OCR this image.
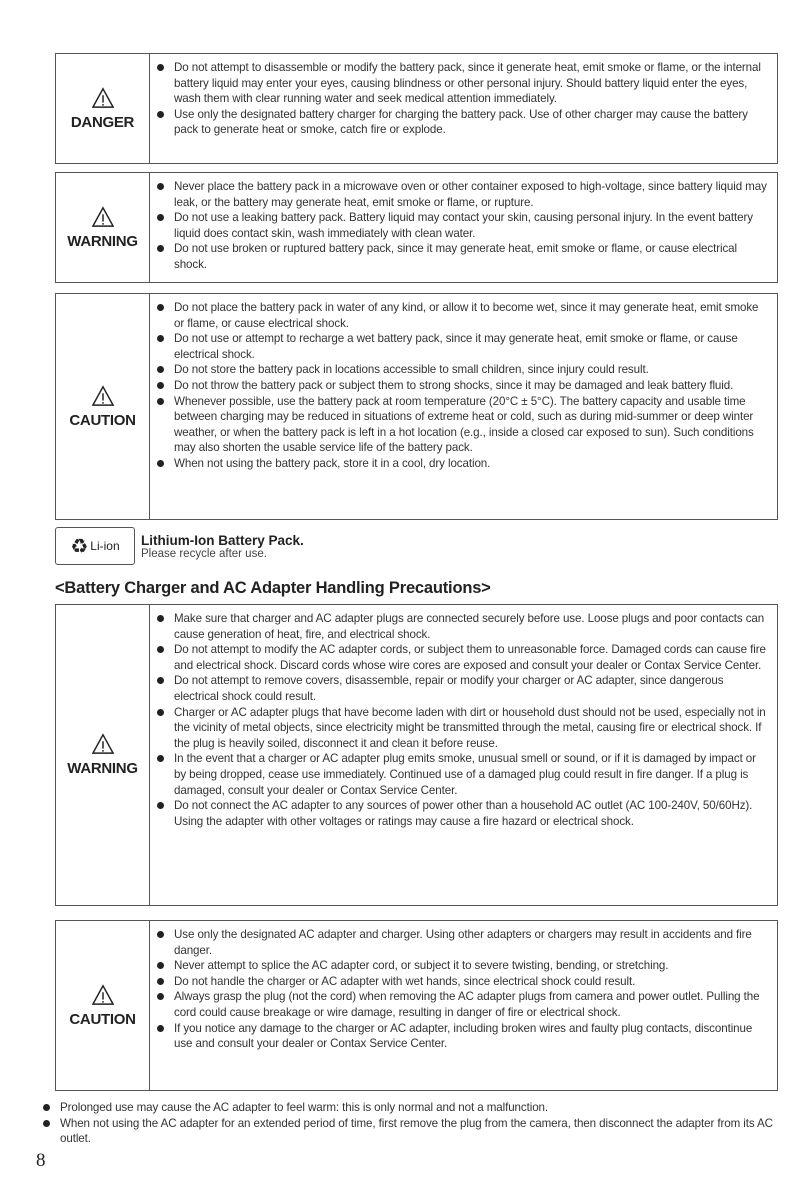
DANGER
Do not attempt to disassemble or modify the battery pack, since it generate heat, emit smoke or flame, or the internal battery liquid may enter your eyes, causing blindness or other personal injury. Should battery liquid enter the eyes, wash them with clear running water and seek medical attention immediately.
Use only the designated battery charger for charging the battery pack. Use of other charger may cause the battery pack to generate heat or smoke, catch fire or explode.
WARNING
Never place the battery pack in a microwave oven or other container exposed to high-voltage, since battery liquid may leak, or the battery may generate heat, emit smoke or flame, or rupture.
Do not use a leaking battery pack. Battery liquid may contact your skin, causing personal injury. In the event battery liquid does contact skin, wash immediately with clean water.
Do not use broken or ruptured battery pack, since it may generate heat, emit smoke or flame, or cause electrical shock.
CAUTION
Do not place the battery pack in water of any kind, or allow it to become wet, since it may generate heat, emit smoke or flame, or cause electrical shock.
Do not use or attempt to recharge a wet battery pack, since it may generate heat, emit smoke or flame, or cause electrical shock.
Do not store the battery pack in locations accessible to small children, since injury could result.
Do not throw the battery pack or subject them to strong shocks, since it may be damaged and leak battery fluid.
Whenever possible, use the battery pack at room temperature (20°C ± 5°C). The battery capacity and usable time between charging may be reduced in situations of extreme heat or cold, such as during mid-summer or deep winter weather, or when the battery pack is left in a hot location (e.g., inside a closed car exposed to sun). Such conditions may also shorten the usable service life of the battery pack.
When not using the battery pack, store it in a cool, dry location.
♻ Li-ion Lithium-Ion Battery Pack.
Please recycle after use.
<Battery Charger and AC Adapter Handling Precautions>
WARNING
Make sure that charger and AC adapter plugs are connected securely before use. Loose plugs and poor contacts can cause generation of heat, fire, and electrical shock.
Do not attempt to modify the AC adapter cords, or subject them to unreasonable force. Damaged cords can cause fire and electrical shock. Discard cords whose wire cores are exposed and consult your dealer or Contax Service Center.
Do not attempt to remove covers, disassemble, repair or modify your charger or AC adapter, since dangerous electrical shock could result.
Charger or AC adapter plugs that have become laden with dirt or household dust should not be used, especially not in the vicinity of metal objects, since electricity might be transmitted through the metal, causing fire or electrical shock. If the plug is heavily soiled, disconnect it and clean it before reuse.
In the event that a charger or AC adapter plug emits smoke, unusual smell or sound, or if it is damaged by impact or by being dropped, cease use immediately. Continued use of a damaged plug could result in fire danger. If a plug is damaged, consult your dealer or Contax Service Center.
Do not connect the AC adapter to any sources of power other than a household AC outlet (AC 100-240V, 50/60Hz). Using the adapter with other voltages or ratings may cause a fire hazard or electrical shock.
CAUTION
Use only the designated AC adapter and charger. Using other adapters or chargers may result in accidents and fire danger.
Never attempt to splice the AC adapter cord, or subject it to severe twisting, bending, or stretching.
Do not handle the charger or AC adapter with wet hands, since electrical shock could result.
Always grasp the plug (not the cord) when removing the AC adapter plugs from camera and power outlet. Pulling the cord could cause breakage or wire damage, resulting in danger of fire or electrical shock.
If you notice any damage to the charger or AC adapter, including broken wires and faulty plug contacts, discontinue use and consult your dealer or Contax Service Center.
Prolonged use may cause the AC adapter to feel warm: this is only normal and not a malfunction.
When not using the AC adapter for an extended period of time, first remove the plug from the camera, then disconnect the adapter from its AC outlet.
8
